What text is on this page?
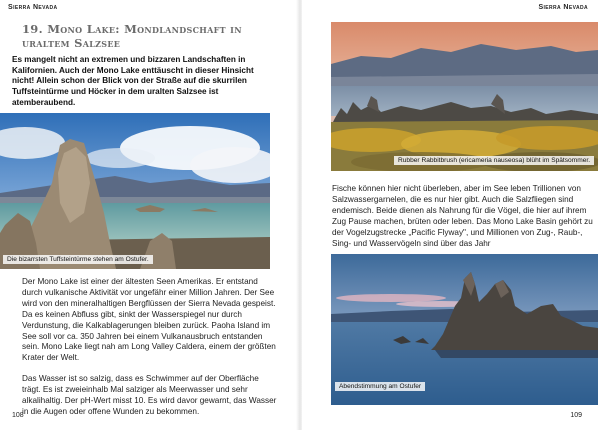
Sierra Nevada
19. Mono Lake: Mondlandschaft in uraltem Salzsee

Es mangelt nicht an extremen und bizzaren Landschaften in Kalifornien. Auch der Mono Lake enttäuscht in dieser Hinsicht nicht! Allein schon der Blick von der Straße auf die skurrilen Tuffsteintürme und Höcker in dem uralten Salzsee ist atemberaubend.

Die bizarrsten Tuffsteintürme stehen am Ostufer.

Der Mono Lake ist einer der ältesten Seen Amerikas. Er entstand durch vulkanische Aktivität vor ungefähr einer Million Jahren. Der See wird von den mineralhaltigen Bergflüssen der Sierra Nevada gespeist. Da es keinen Abfluss gibt, sinkt der Wasserspiegel nur durch Verdunstung, die Kalkablagerungen bleiben zurück. Paoha Island im See soll vor ca. 350 Jahren bei einem Vulkanausbruch entstanden sein. Mono Lake liegt nah am Long Valley Caldera, einem der größten Krater der Welt.

Das Wasser ist so salzig, dass es Schwimmer auf der Oberfläche trägt. Es ist zweieinhalb Mal salziger als Meerwasser und sehr alkalihaltig. Der pH-Wert misst 10. Es wird davor gewarnt, das Wasser in die Augen oder offene Wunden zu bekommen.

108
Sierra Nevada
Rubber Rabbitbrush (ericameria nauseosa) blüht im Spätsommer.

Fische können hier nicht überleben, aber im See leben Trillionen von Salzwassergarnelen, die es nur hier gibt. Auch die Salzfliegen sind endemisch. Beide dienen als Nahrung für die Vögel, die hier auf ihrem Zug Pause machen, brüten oder leben. Das Mono Lake Basin gehört zu der Vogelzugstrecke „Pacific Flyway", und Millionen von Zug-, Raub-, Sing- und Wasservögeln sind über das Jahr

Abendstimmung am Ostufer
109
